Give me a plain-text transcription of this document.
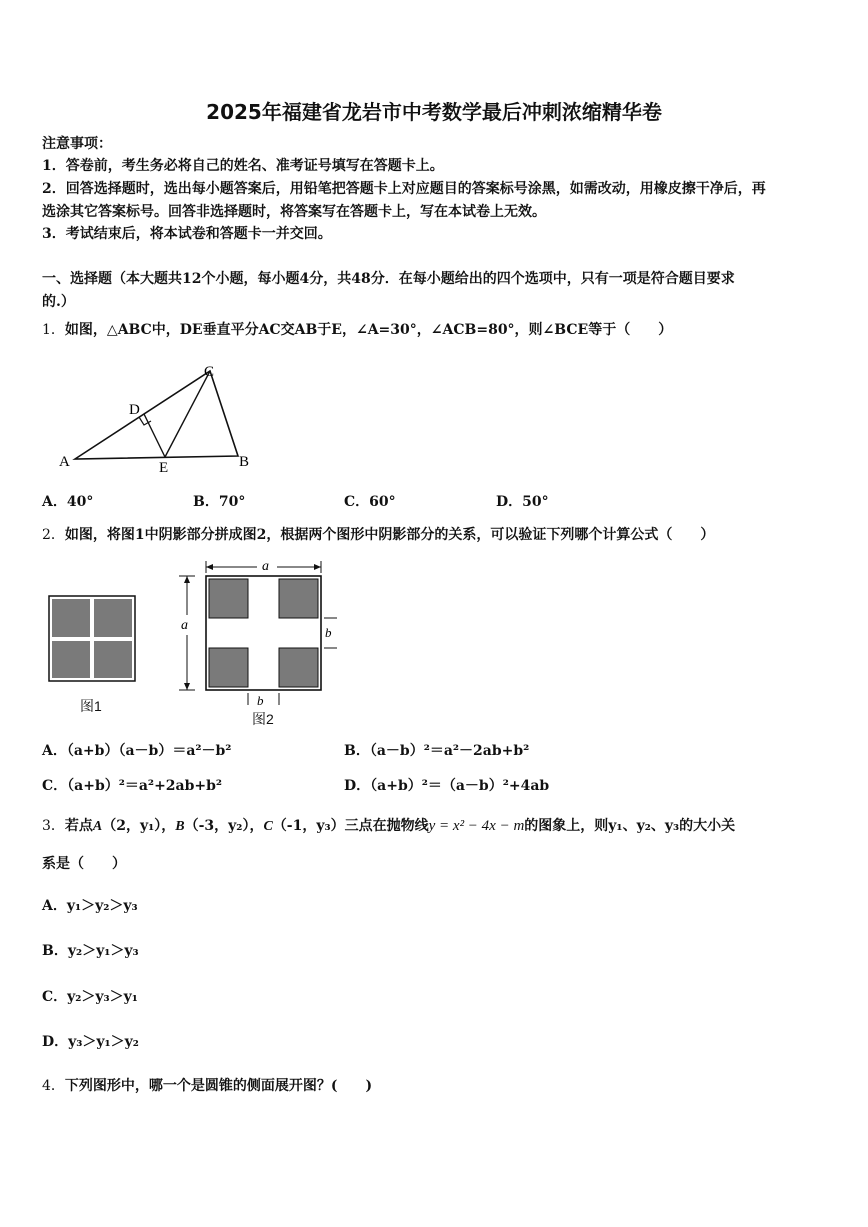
2025年福建省龙岩市中考数学最后冲刺浓缩精华卷
注意事项：
1．答卷前，考生务必将自己的姓名、准考证号填写在答题卡上。
2．回答选择题时，选出每小题答案后，用铅笔把答题卡上对应题目的答案标号涂黑，如需改动，用橡皮擦干净后，再
选涂其它答案标号。回答非选择题时，将答案写在答题卡上，写在本试卷上无效。
3．考试结束后，将本试卷和答题卡一并交回。
一、选择题（本大题共12个小题，每小题4分，共48分．在每小题给出的四个选项中，只有一项是符合题目要求
的.）
1．如图，△ABC中，DE垂直平分AC交AB于E，∠A=30°，∠ACB=80°，则∠BCE等于（　　）
A
C
D
E	B
A．40°	B．70°	C．60°	D．50°
2．如图，将图1中阴影部分拼成图2，根据两个图形中阴影部分的关系，可以验证下列哪个计算公式（　　）
a
a	b
b
图1
图2
A．（a+b）（a－b）＝a²－b²	B．（a－b）²＝a²－2ab+b²
C．（a+b）²＝a²+2ab+b²	D．（a+b）²＝（a－b）²+4ab
3．若点A（2，y₁），B（-3，y₂），C（-1，y₃）三点在抛物线y = x² − 4x − m的图象上，则y₁、y₂、y₃的大小关
系是（　　）
A．y₁＞y₂＞y₃
B．y₂＞y₁＞y₃
C．y₂＞y₃＞y₁
D．y₃＞y₁＞y₂
4．下列图形中，哪一个是圆锥的侧面展开图？(　　)
